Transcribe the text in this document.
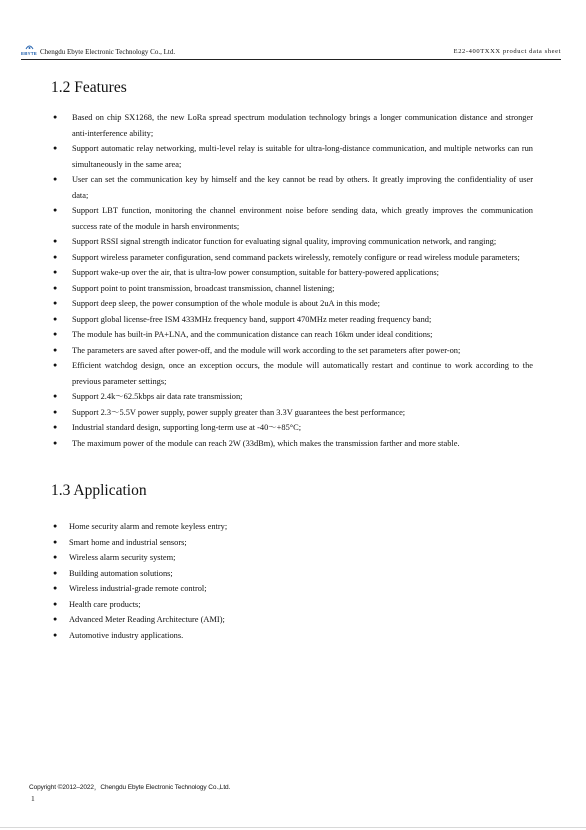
EBYTE Chengdu Ebyte Electronic Technology Co., Ltd.	E22-400TXXX product data sheet
1.2 Features
● Based on chip SX1268, the new LoRa spread spectrum modulation technology brings a longer communication distance and stronger anti-interference ability;
● Support automatic relay networking, multi-level relay is suitable for ultra-long-distance communication, and multiple networks can run simultaneously in the same area;
● User can set the communication key by himself and the key cannot be read by others. It greatly improving the confidentiality of user data;
● Support LBT function, monitoring the channel environment noise before sending data, which greatly improves the communication success rate of the module in harsh environments;
● Support RSSI signal strength indicator function for evaluating signal quality, improving communication network, and ranging;
● Support wireless parameter configuration, send command packets wirelessly, remotely configure or read wireless module parameters;
● Support wake-up over the air, that is ultra-low power consumption, suitable for battery-powered applications;
● Support point to point transmission, broadcast transmission, channel listening;
● Support deep sleep, the power consumption of the whole module is about 2uA in this mode;
● Support global license-free ISM 433MHz frequency band, support 470MHz meter reading frequency band;
● The module has built-in PA+LNA, and the communication distance can reach 16km under ideal conditions;
● The parameters are saved after power-off, and the module will work according to the set parameters after power-on;
● Efficient watchdog design, once an exception occurs, the module will automatically restart and continue to work according to the previous parameter settings;
● Support 2.4k～62.5kbps air data rate transmission;
● Support 2.3～5.5V power supply, power supply greater than 3.3V guarantees the best performance;
● Industrial standard design, supporting long-term use at -40～+85°C;
● The maximum power of the module can reach 2W (33dBm), which makes the transmission farther and more stable.
1.3 Application
● Home security alarm and remote keyless entry;
● Smart home and industrial sensors;
● Wireless alarm security system;
● Building automation solutions;
● Wireless industrial-grade remote control;
● Health care products;
● Advanced Meter Reading Architecture (AMI);
● Automotive industry applications.
Copyright ©2012–2022，Chengdu Ebyte Electronic Technology Co.,Ltd.
1
